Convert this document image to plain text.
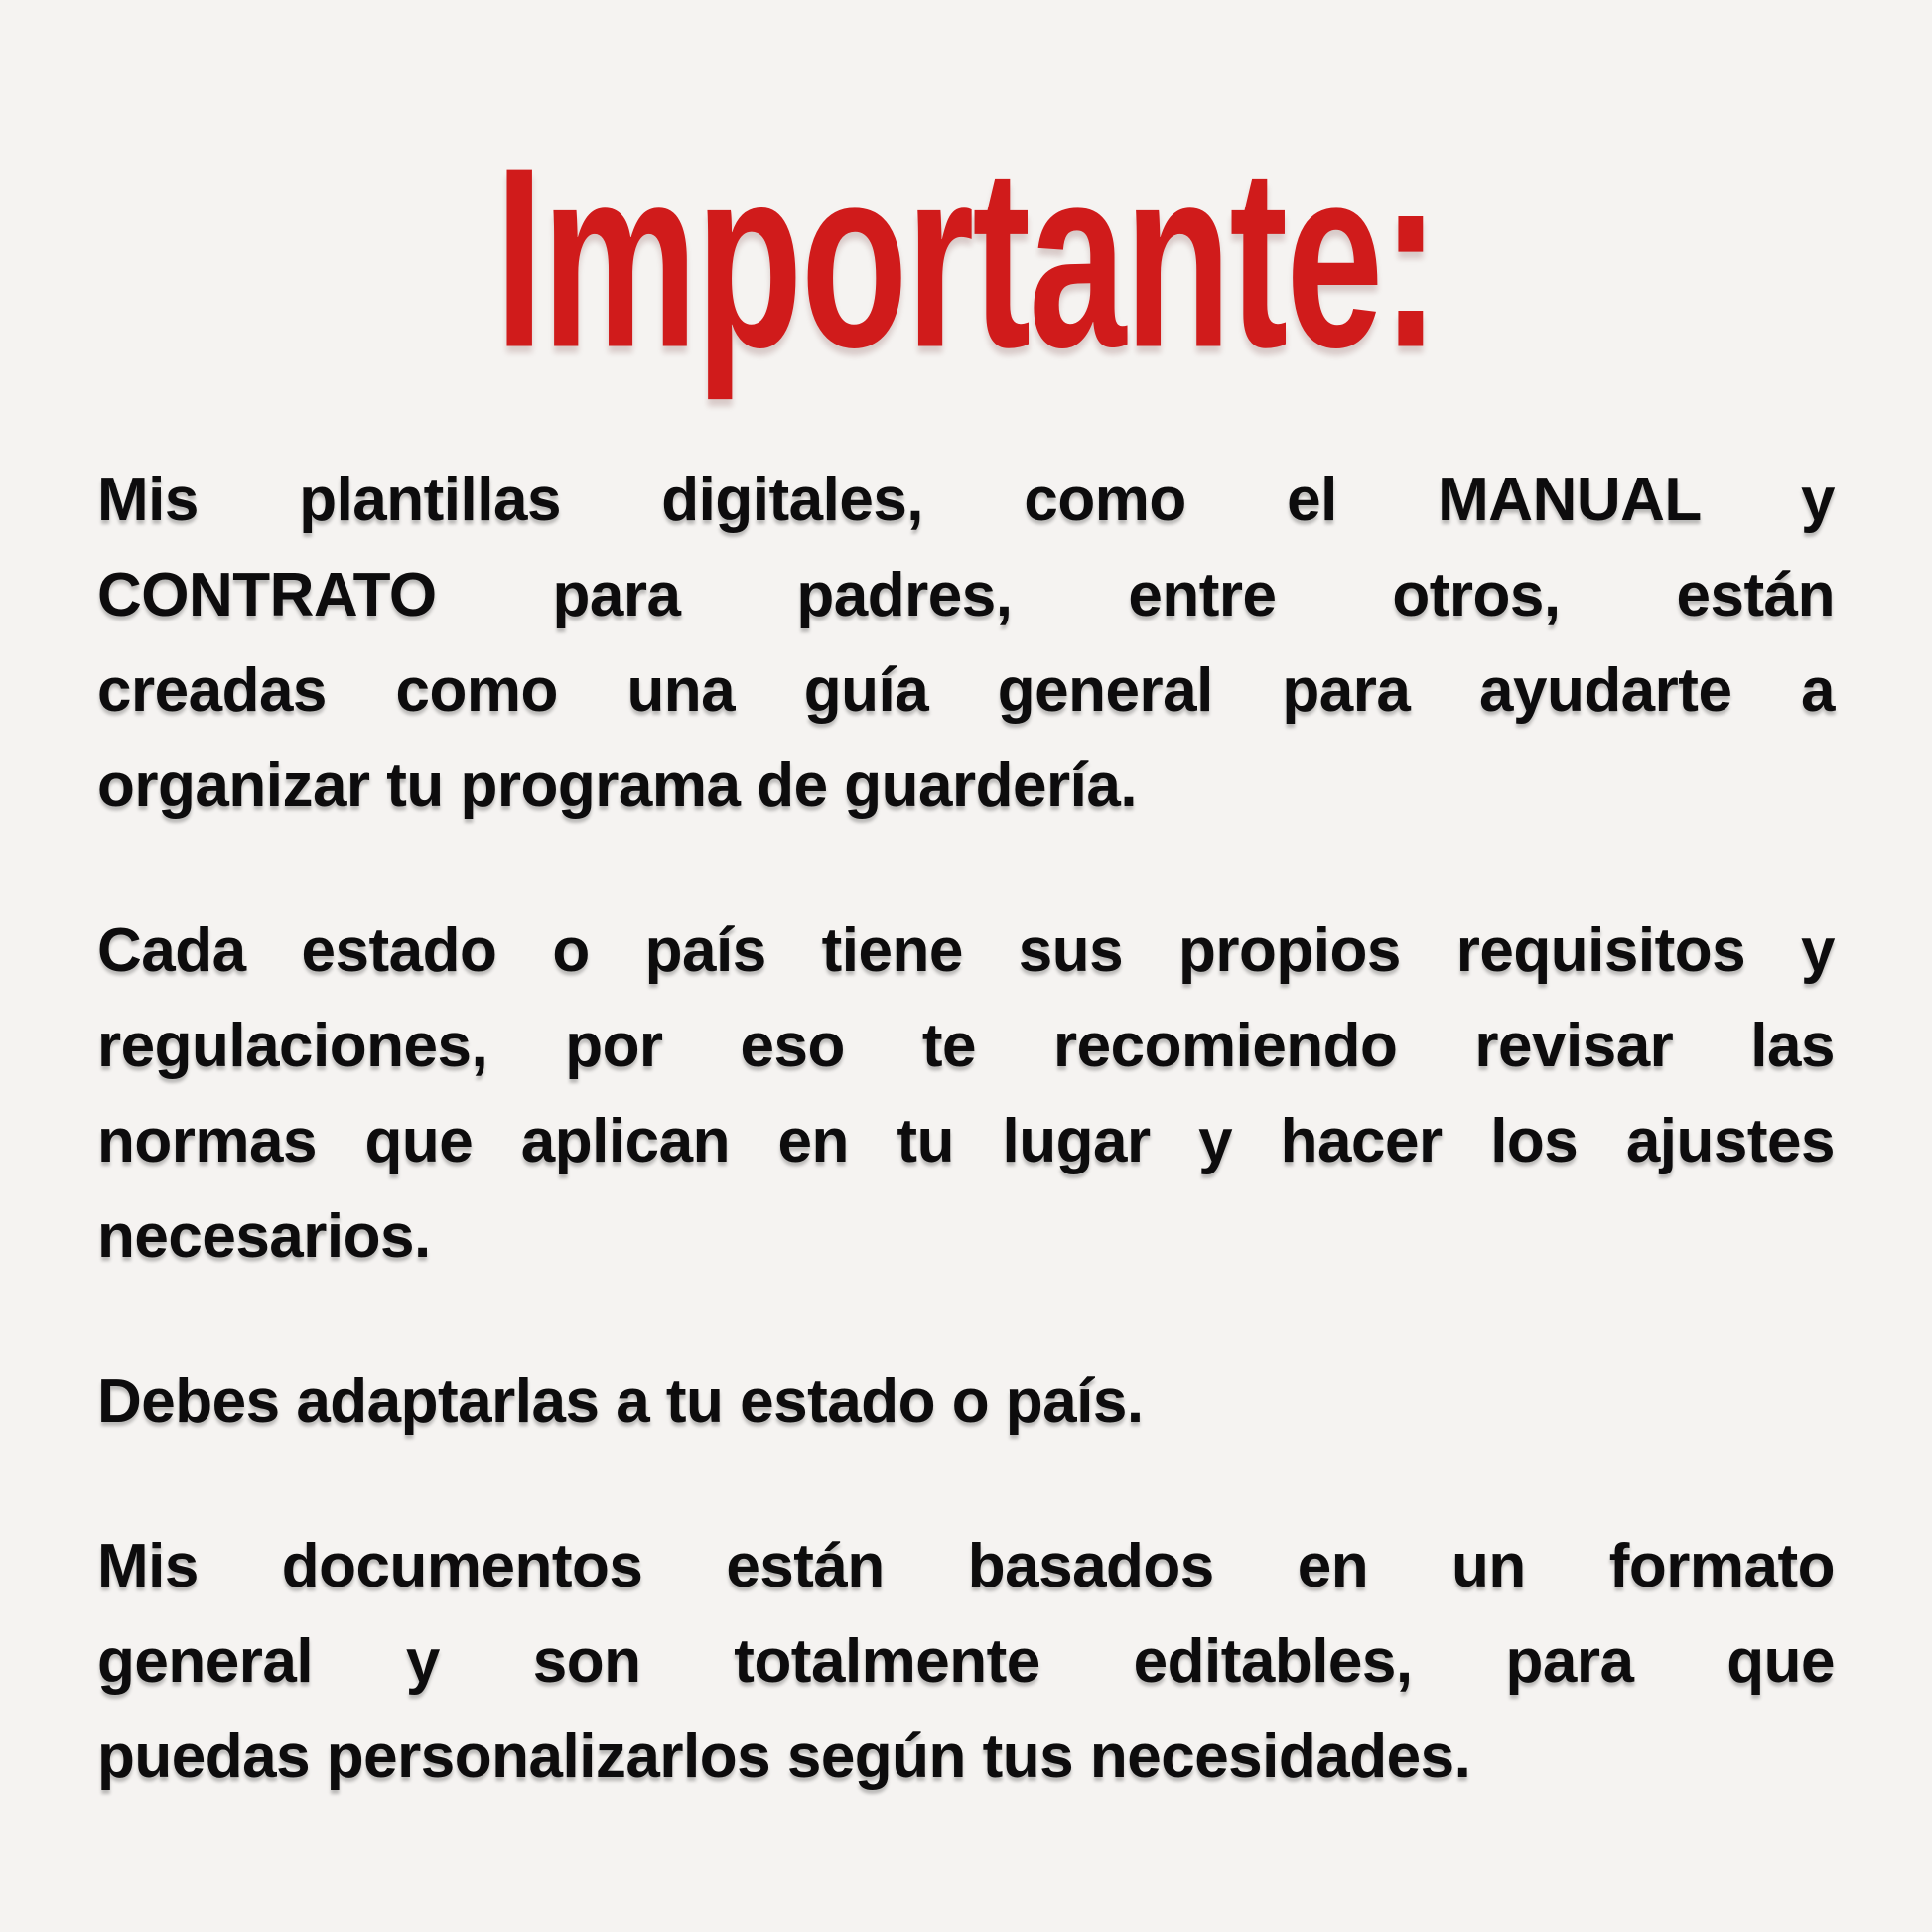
Importante:

Mis plantillas digitales, como el MANUAL y
CONTRATO para padres, entre otros, están
creadas como una guía general para ayudarte a
organizar tu programa de guardería.

Cada estado o país tiene sus propios requisitos y
regulaciones, por eso te recomiendo revisar las
normas que aplican en tu lugar y hacer los ajustes
necesarios.

Debes adaptarlas a tu estado o país.

Mis documentos están basados en un formato
general y son totalmente editables, para que
puedas personalizarlos según tus necesidades.
